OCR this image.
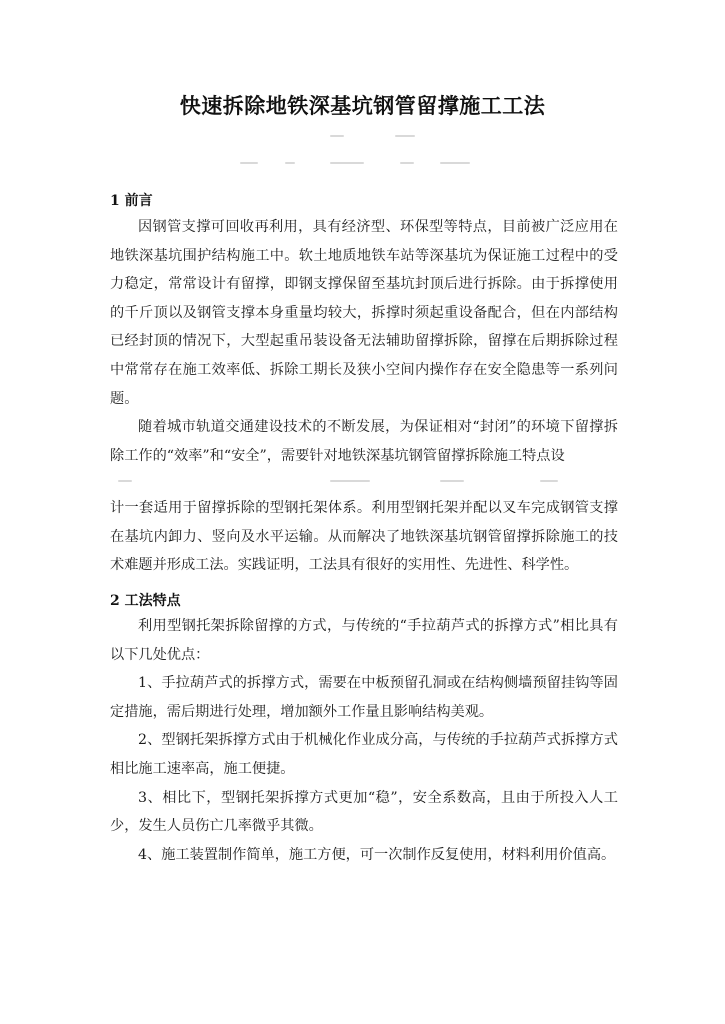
快速拆除地铁深基坑钢管留撑施工工法
1 前言

因钢管支撑可回收再利用，具有经济型、环保型等特点，目前被广泛应用在地铁深基坑围护结构施工中。软土地质地铁车站等深基坑为保证施工过程中的受力稳定，常常设计有留撑，即钢支撑保留至基坑封顶后进行拆除。由于拆撑使用的千斤顶以及钢管支撑本身重量均较大，拆撑时须起重设备配合，但在内部结构已经封顶的情况下，大型起重吊装设备无法辅助留撑拆除，留撑在后期拆除过程中常常存在施工效率低、拆除工期长及狭小空间内操作存在安全隐患等一系列问题。

随着城市轨道交通建设技术的不断发展，为保证相对“封闭”的环境下留撑拆除工作的“效率”和“安全”，需要针对地铁深基坑钢管留撑拆除施工特点设

计一套适用于留撑拆除的型钢托架体系。利用型钢托架并配以叉车完成钢管支撑在基坑内卸力、竖向及水平运输。从而解决了地铁深基坑钢管留撑拆除施工的技术难题并形成工法。实践证明，工法具有很好的实用性、先进性、科学性。

2 工法特点

利用型钢托架拆除留撑的方式，与传统的“手拉葫芦式的拆撑方式”相比具有以下几处优点：

1、手拉葫芦式的拆撑方式，需要在中板预留孔洞或在结构侧墙预留挂钩等固定措施，需后期进行处理，增加额外工作量且影响结构美观。

2、型钢托架拆撑方式由于机械化作业成分高，与传统的手拉葫芦式拆撑方式相比施工速率高，施工便捷。

3、相比下，型钢托架拆撑方式更加“稳”，安全系数高，且由于所投入人工少，发生人员伤亡几率微乎其微。

4、施工装置制作简单，施工方便，可一次制作反复使用，材料利用价值高。
